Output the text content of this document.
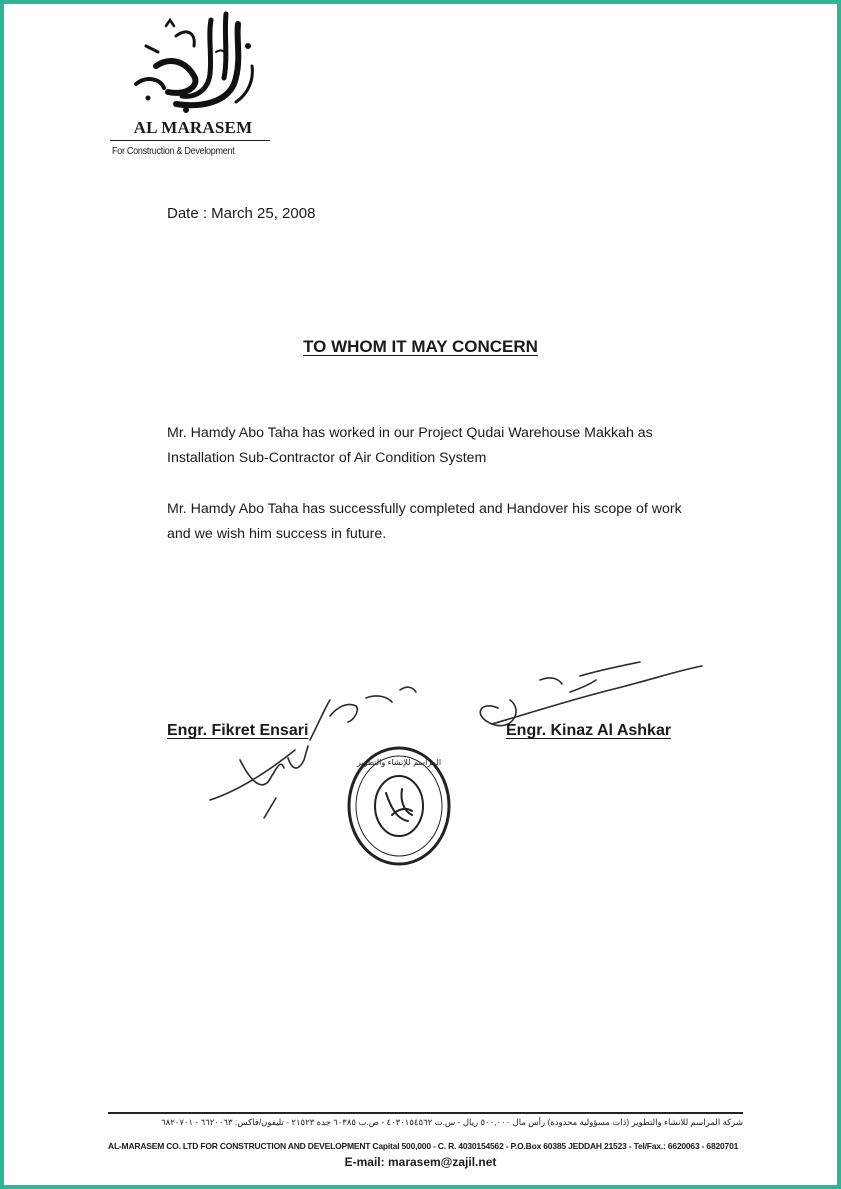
AL MARASEM
For Construction & Development
Date : March 25, 2008
TO WHOM IT MAY CONCERN
Mr. Hamdy Abo Taha has worked in our Project Qudai Warehouse Makkah as Installation Sub-Contractor of Air Condition System
Mr. Hamdy Abo Taha has successfully completed and Handover his scope of work and we wish him success in future.
Engr. Fikret Ensari	Engr. Kinaz Al Ashkar
المراسم للإنشاء والتطوير
شركة المراسم للانشاء والتطوير (ذات مسؤولية محدودة) رأس مال ٥٠٠,٠٠٠ ريال - س.ت ٤٠٣٠١٥٤٥٦٢ - ص.ب ٦٠٣٨٥ جدة ٢١٥٢٣ - تليفون/فاكس: ٦٦٢٠٠٦٣ - ٦٨٢٠٧٠١
AL-MARASEM CO. LTD FOR CONSTRUCTION AND DEVELOPMENT Capital 500,000 - C. R. 4030154562 - P.O.Box 60385 JEDDAH 21523 - Tel/Fax.: 6620063 - 6820701
E-mail: marasem@zajil.net
